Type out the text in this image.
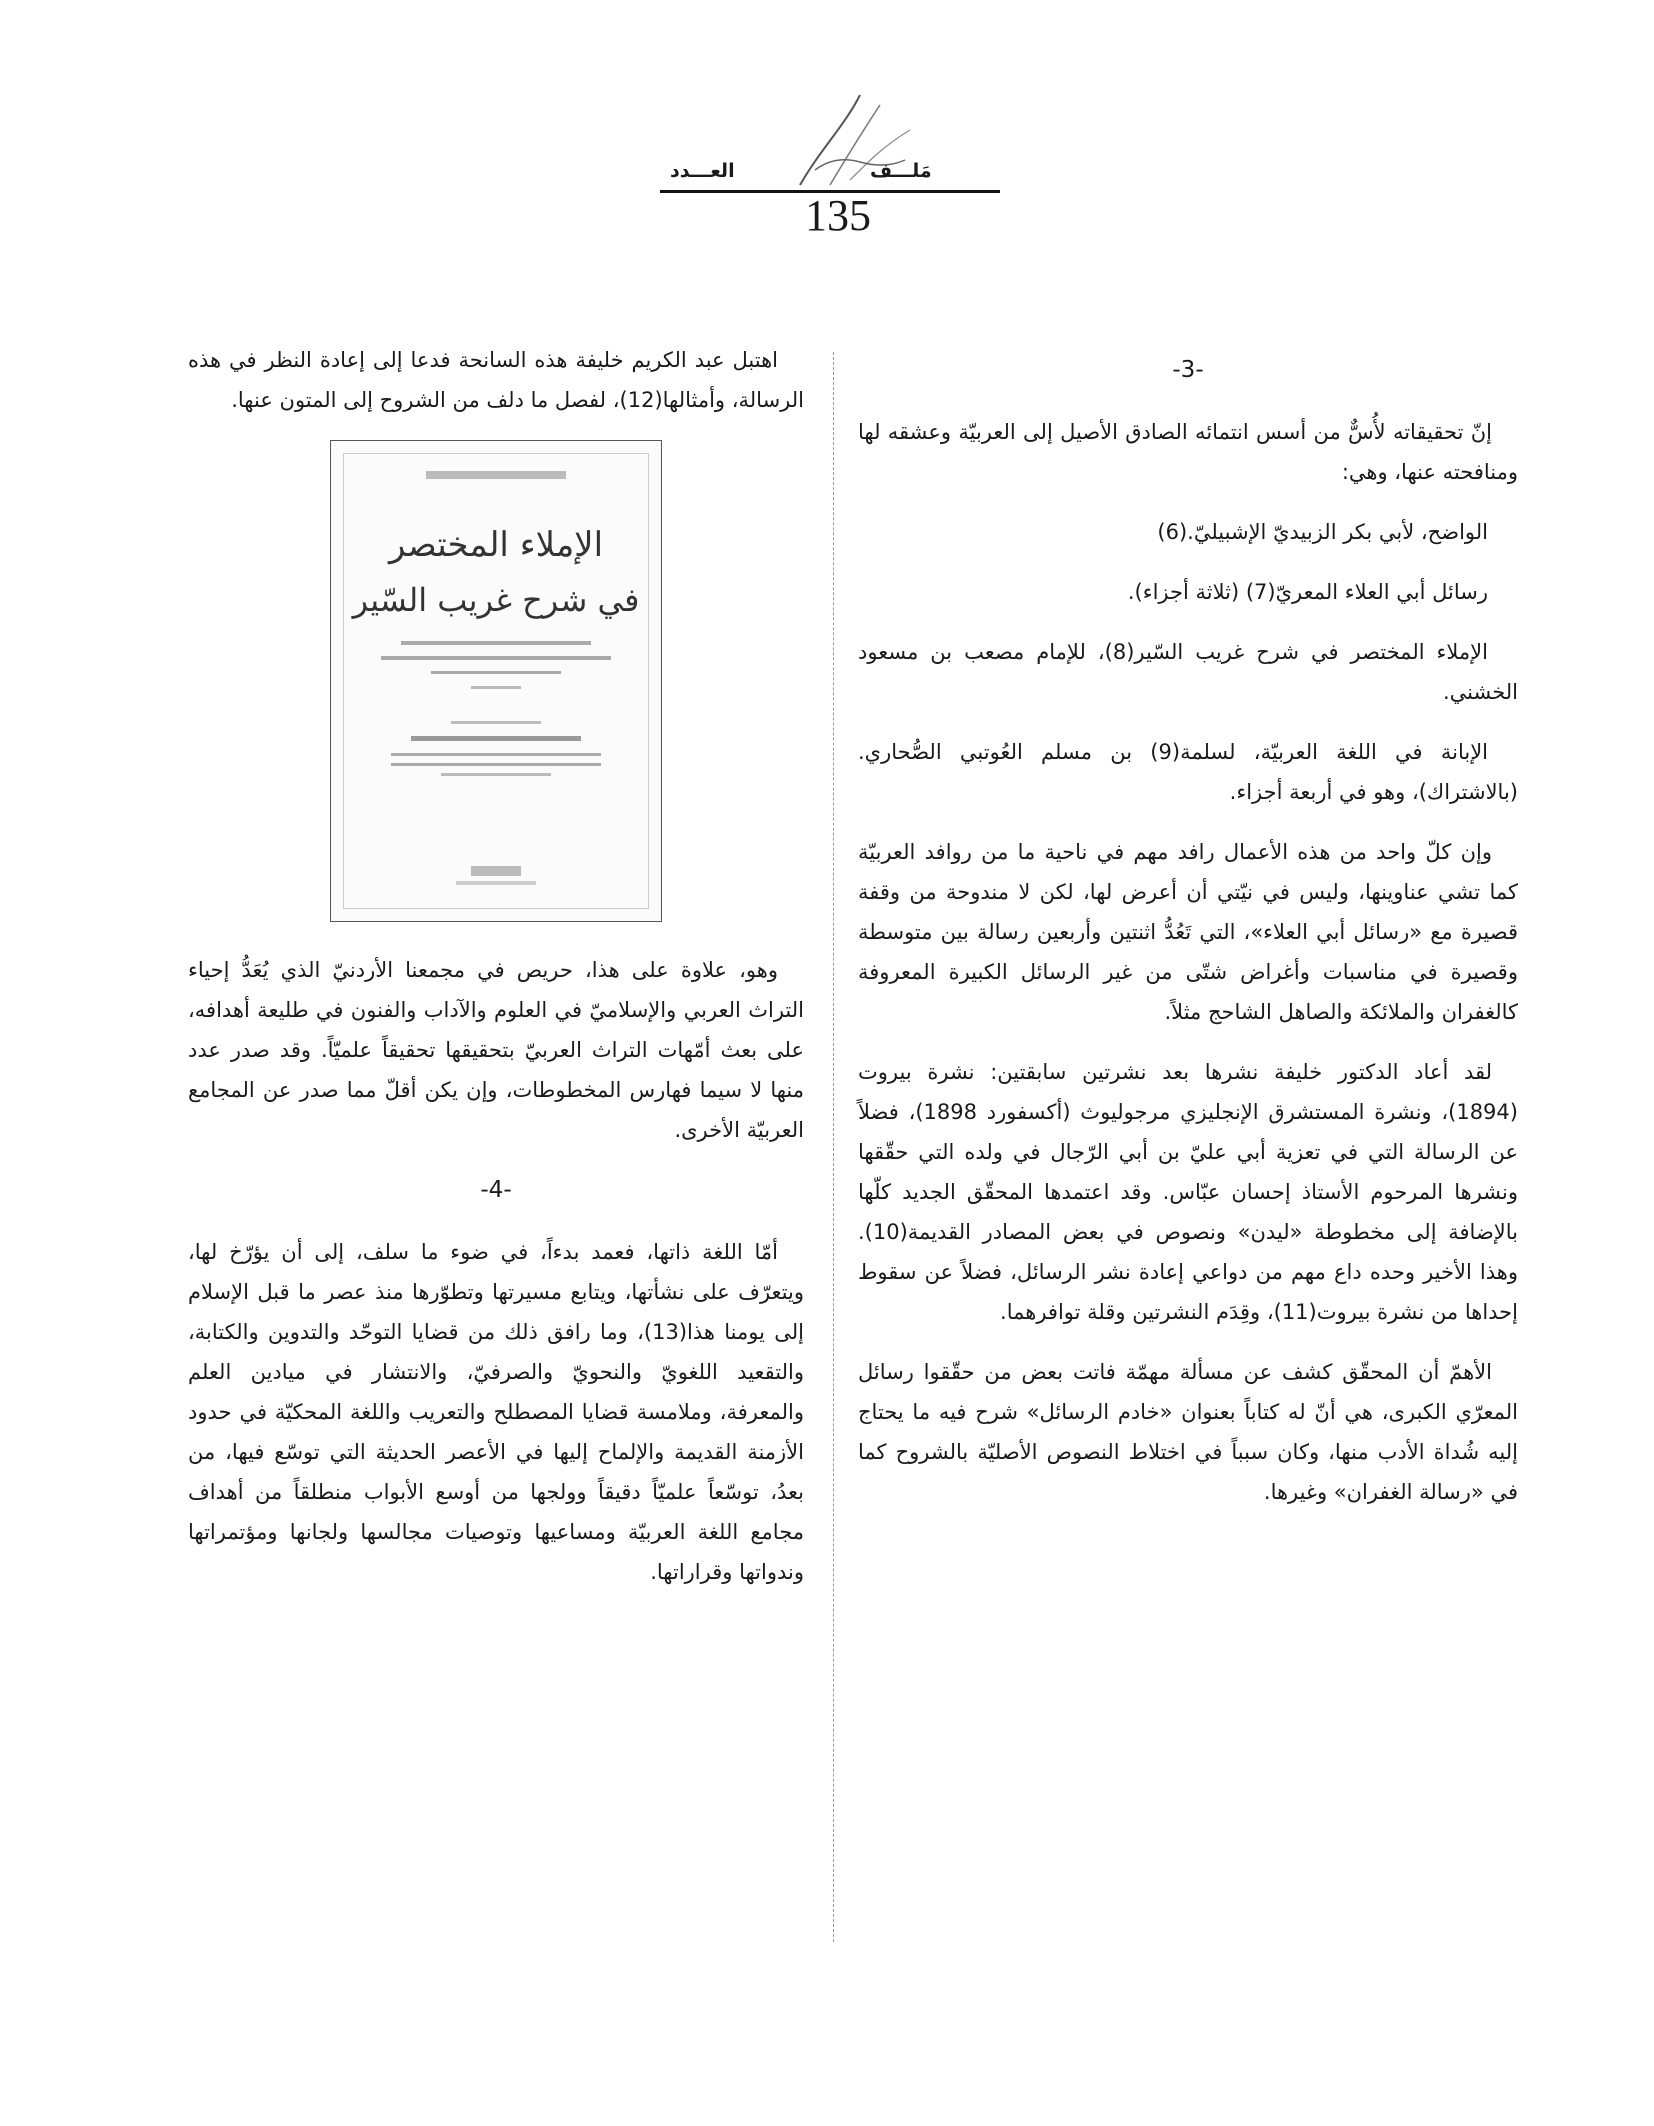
مَلـــف
العـــدد
135

-3-

إنّ تحقيقاته لأُسٌّ من أسس انتمائه الصادق الأصيل إلى العربيّة وعشقه لها ومنافحته عنها، وهي:

الواضح، لأبي بكر الزبيديّ الإشبيليّ.(6)

رسائل أبي العلاء المعريّ(7) (ثلاثة أجزاء).

الإملاء المختصر في شرح غريب السّير(8)، للإمام مصعب بن مسعود الخشني.

الإبانة في اللغة العربيّة، لسلمة(9) بن مسلم العُوتبي الصُّحاري. (بالاشتراك)، وهو في أربعة أجزاء.

وإن كلّ واحد من هذه الأعمال رافد مهم في ناحية ما من روافد العربيّة كما تشي عناوينها، وليس في نيّتي أن أعرض لها، لكن لا مندوحة من وقفة قصيرة مع «رسائل أبي العلاء»، التي تَعُدُّ اثنتين وأربعين رسالة بين متوسطة وقصيرة في مناسبات وأغراض شتّى من غير الرسائل الكبيرة المعروفة كالغفران والملائكة والصاهل الشاحج مثلاً.

لقد أعاد الدكتور خليفة نشرها بعد نشرتين سابقتين: نشرة بيروت (1894)، ونشرة المستشرق الإنجليزي مرجوليوث (أكسفورد 1898)، فضلاً عن الرسالة التي في تعزية أبي عليّ بن أبي الرّجال في ولده التي حقّقها ونشرها المرحوم الأستاذ إحسان عبّاس. وقد اعتمدها المحقّق الجديد كلّها بالإضافة إلى مخطوطة «ليدن» ونصوص في بعض المصادر القديمة(10). وهذا الأخير وحده داع مهم من دواعي إعادة نشر الرسائل، فضلاً عن سقوط إحداها من نشرة بيروت(11)، وقِدَم النشرتين وقلة توافرهما.

الأهمّ أن المحقّق كشف عن مسألة مهمّة فاتت بعض من حقّقوا رسائل المعرّي الكبرى، هي أنّ له كتاباً بعنوان «خادم الرسائل» شرح فيه ما يحتاج إليه شُداة الأدب منها، وكان سبباً في اختلاط النصوص الأصليّة بالشروح كما في «رسالة الغفران» وغيرها.

اهتبل عبد الكريم خليفة هذه السانحة فدعا إلى إعادة النظر في هذه الرسالة، وأمثالها(12)، لفصل ما دلف من الشروح إلى المتون عنها.

الإملاء المختصر
في شرح غريب السّير

وهو، علاوة على هذا، حريص في مجمعنا الأردنيّ الذي يُعَدُّ إحياء التراث العربي والإسلاميّ في العلوم والآداب والفنون في طليعة أهدافه، على بعث أمّهات التراث العربيّ بتحقيقها تحقيقاً علميّاً. وقد صدر عدد منها لا سيما فهارس المخطوطات، وإن يكن أقلّ مما صدر عن المجامع العربيّة الأخرى.

-4-

أمّا اللغة ذاتها، فعمد بدءاً، في ضوء ما سلف، إلى أن يؤرّخ لها، ويتعرّف على نشأتها، ويتابع مسيرتها وتطوّرها منذ عصر ما قبل الإسلام إلى يومنا هذا(13)، وما رافق ذلك من قضايا التوحّد والتدوين والكتابة، والتقعيد اللغويّ والنحويّ والصرفيّ، والانتشار في ميادين العلم والمعرفة، وملامسة قضايا المصطلح والتعريب واللغة المحكيّة في حدود الأزمنة القديمة والإلماح إليها في الأعصر الحديثة التي توسّع فيها، من بعدُ، توسّعاً علميّاً دقيقاً وولجها من أوسع الأبواب منطلقاً من أهداف مجامع اللغة العربيّة ومساعيها وتوصيات مجالسها ولجانها ومؤتمراتها وندواتها وقراراتها.
